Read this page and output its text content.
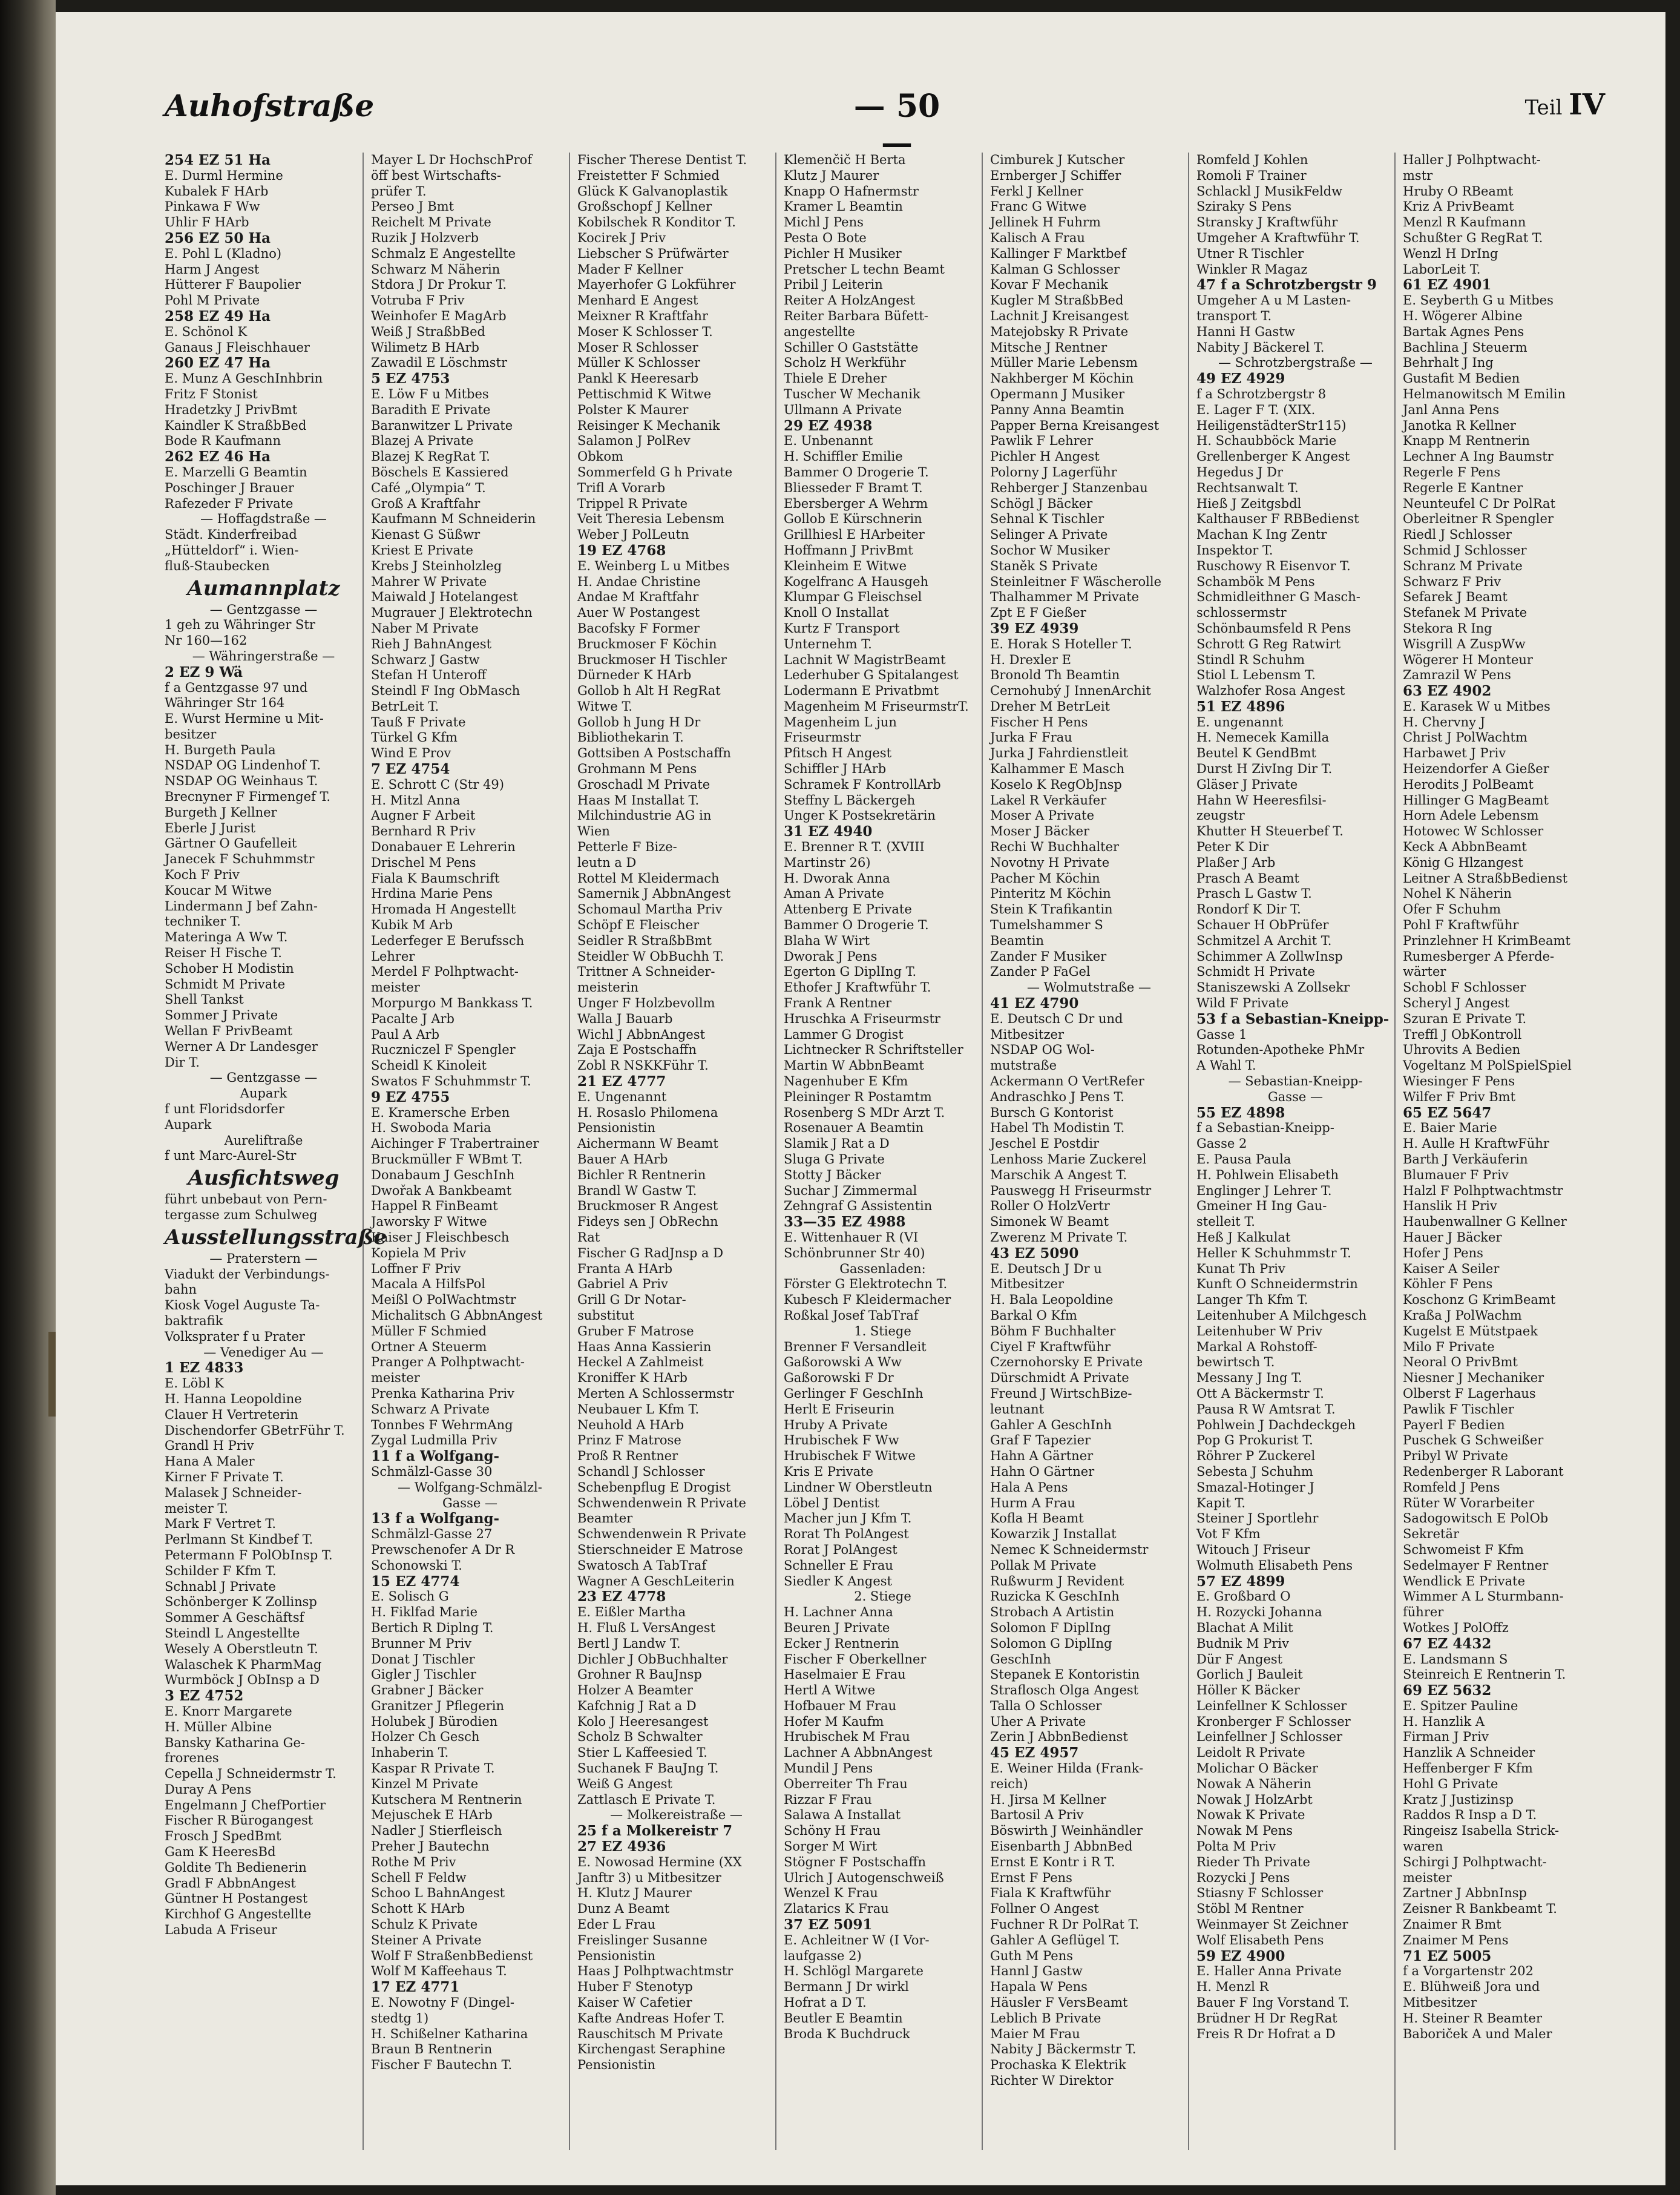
Auhofstraße	— 50 —
Teil IV
254 EZ 51 Ha
E. Durml Hermine
Kubalek F HArb
Pinkawa F Ww
Uhlir F HArb
256 EZ 50 Ha
E. Pohl L (Kladno)
Harm J Angest
Hütterer F Baupolier
Pohl M Private
258 EZ 49 Ha
E. Schönol K
Ganaus J Fleischhauer
260 EZ 47 Ha
E. Munz A GeschInhbrin
Fritz F Stonist
Hradetzky J PrivBmt
Kaindler K StraßbBed
Bode R Kaufmann
262 EZ 46 Ha
E. Marzelli G Beamtin
Poschinger J Brauer
Rafezeder F Private
— Hoffagdstraße —
Städt. Kinderfreibad
„Hütteldorf“ i. Wien-
fluß-Staubecken
Aumannplatz
— Gentzgasse —
1 geh zu Währinger Str
Nr 160—162
— Währingerstraße —
2 EZ 9 Wä
f a Gentzgasse 97 und
Währinger Str 164
E. Wurst Hermine u Mit-
besitzer
H. Burgeth Paula
NSDAP OG Lindenhof T.
NSDAP OG Weinhaus T.
Brecnyner F Firmengef T.
Burgeth J Kellner
Eberle J Jurist
Gärtner O Gaufelleit
Janecek F Schuhmmstr
Koch F Priv
Koucar M Witwe
Lindermann J bef Zahn-
techniker T.
Materinga A Ww T.
Reiser H Fische T.
Schober H Modistin
Schmidt M Private
Shell Tankst
Sommer J Private
Wellan F PrivBeamt
Werner A Dr Landesger
Dir T.
— Gentzgasse —
Aupark
f unt Floridsdorfer
Aupark
Aureliftraße
f unt Marc-Aurel-Str
Ausfichtsweg
führt unbebaut von Pern-
tergasse zum Schulweg
Ausstellungsstraße
— Praterstern —
Viadukt der Verbindungs-
bahn
Kiosk Vogel Auguste Ta-
baktrafik
Volksprater f u Prater
— Venediger Au —
1 EZ 4833
E. Löbl K
H. Hanna Leopoldine
Clauer H Vertreterin
Dischendorfer GBetrFühr T.
Grandl H Priv
Hana A Maler
Kirner F Private T.
Malasek J Schneider-
meister T.
Mark F Vertret T.
Perlmann St Kindbef T.
Petermann F PolObInsp T.
Schilder F Kfm T.
Schnabl J Private
Schönberger K Zollinsp
Sommer A Geschäftsf
Steindl L Angestellte
Wesely A Oberstleutn T.
Walaschek K PharmMag
Wurmböck J ObInsp a D
3 EZ 4752
E. Knorr Margarete
H. Müller Albine
Bansky Katharina Ge-
frorenes
Cepella J Schneidermstr T.
Duray A Pens
Engelmann J ChefPortier
Fischer R Bürogangest
Frosch J SpedBmt
Gam K HeeresBd
Goldite Th Bedienerin
Gradl F AbbnAngest
Güntner H Postangest
Kirchhof G Angestellte
Labuda A Friseur
Mayer L Dr HochschProf
öff best Wirtschafts-
prüfer T.
Perseo J Bmt
Reichelt M Private
Ruzik J Holzverb
Schmalz E Angestellte
Schwarz M Näherin
Stdora J Dr Prokur T.
Votruba F Priv
Weinhofer E MagArb
Weiß J StraßbBed
Wilimetz B HArb
Zawadil E Löschmstr
5 EZ 4753
E. Löw F u Mitbes
Baradith E Private
Baranwitzer L Private
Blazej A Private
Blazej K RegRat T.
Böschels E Kassiered
Café „Olympia“ T.
Groß A Kraftfahr
Kaufmann M Schneiderin
Kienast G Süßwr
Kriest E Private
Krebs J Steinholzleg
Mahrer W Private
Maiwald J Hotelangest
Mugrauer J Elektrotechn
Naber M Private
Rieh J BahnAngest
Schwarz J Gastw
Stefan H Unteroff
Steindl F Ing ObMasch
BetrLeit T.
Tauß F Private
Türkel G Kfm
Wind E Prov
7 EZ 4754
E. Schrott C (Str 49)
H. Mitzl Anna
Augner F Arbeit
Bernhard R Priv
Donabauer E Lehrerin
Drischel M Pens
Fiala K Baumschrift
Hrdina Marie Pens
Hromada H Angestellt
Kubik M Arb
Lederfeger E Berufssch
Lehrer
Merdel F Polhptwacht-
meister
Morpurgo M Bankkass T.
Pacalte J Arb
Paul A Arb
Ruczniczel F Spengler
Scheidl K Kinoleit
Swatos F Schuhmmstr T.
9 EZ 4755
E. Kramersche Erben
H. Swoboda Maria
Aichinger F Trabertrainer
Bruckmüller F WBmt T.
Donabaum J GeschInh
Dwořak A Bankbeamt
Happel R FinBeamt
Jaworsky F Witwe
Kaiser J Fleischbesch
Kopiela M Priv
Loffner F Priv
Macala A HilfsPol
Meißl O PolWachtmstr
Michalitsch G AbbnAngest
Müller F Schmied
Ortner A Steuerm
Pranger A Polhptwacht-
meister
Prenka Katharina Priv
Schwarz A Private
Tonnbes F WehrmAng
Zygal Ludmilla Priv
11 f a Wolfgang-
Schmälzl-Gasse 30
— Wolfgang-Schmälzl-
Gasse —
13 f a Wolfgang-
Schmälzl-Gasse 27
Prewschenofer A Dr R
Schonowski T.
15 EZ 4774
E. Solisch G
H. Fiklfad Marie
Bertich R Diplng T.
Brunner M Priv
Donat J Tischler
Gigler J Tischler
Grabner J Bäcker
Granitzer J Pflegerin
Holubek J Bürodien
Holzer Ch Gesch
Inhaberin T.
Kaspar R Private T.
Kinzel M Private
Kutschera M Rentnerin
Mejuschek E HArb
Nadler J Stierfleisch
Preher J Bautechn
Rothe M Priv
Schell F Feldw
Schoo L BahnAngest
Schott K HArb
Schulz K Private
Steiner A Private
Wolf F StraßenbBedienst
Wolf M Kaffeehaus T.
17 EZ 4771
E. Nowotny F (Dingel-
stedtg 1)
H. Schißelner Katharina
Braun B Rentnerin
Fischer F Bautechn T.
Fischer Therese Dentist T.
Freistetter F Schmied
Glück K Galvanoplastik
Großschopf J Kellner
Kobilschek R Konditor T.
Kocirek J Priv
Liebscher S Prüfwärter
Mader F Kellner
Mayerhofer G Lokführer
Menhard E Angest
Meixner R Kraftfahr
Moser K Schlosser T.
Moser R Schlosser
Müller K Schlosser
Pankl K Heeresarb
Pettischmid K Witwe
Polster K Maurer
Reisinger K Mechanik
Salamon J PolRev
Obkom
Sommerfeld G h Private
Trifl A Vorarb
Trippel R Private
Veit Theresia Lebensm
Weber J PolLeutn
19 EZ 4768
E. Weinberg L u Mitbes
H. Andae Christine
Andae M Kraftfahr
Auer W Postangest
Bacofsky F Former
Bruckmoser F Köchin
Bruckmoser H Tischler
Dürneder K HArb
Gollob h Alt H RegRat
Witwe T.
Gollob h Jung H Dr
Bibliothekarin T.
Gottsiben A Postschaffn
Grohmann M Pens
Groschadl M Private
Haas M Installat T.
Milchindustrie AG in
Wien
Petterle F Bize-
leutn a D
Rottel M Kleidermach
Samernik J AbbnAngest
Schomaul Martha Priv
Schöpf E Fleischer
Seidler R StraßbBmt
Steidler W ObBuchh T.
Trittner A Schneider-
meisterin
Unger F Holzbevollm
Walla J Bauarb
Wichl J AbbnAngest
Zaja E Postschaffn
Zobl R NSKKFühr T.
21 EZ 4777
E. Ungenannt
H. Rosaslo Philomena
Pensionistin
Aichermann W Beamt
Bauer A HArb
Bichler R Rentnerin
Brandl W Gastw T.
Bruckmoser R Angest
Fideys sen J ObRechn
Rat
Fischer G RadJnsp a D
Franta A HArb
Gabriel A Priv
Grill G Dr Notar-
substitut
Gruber F Matrose
Haas Anna Kassierin
Heckel A Zahlmeist
Kroniffer K HArb
Merten A Schlossermstr
Neubauer L Kfm T.
Neuhold A HArb
Prinz F Matrose
Proß R Rentner
Schandl J Schlosser
Schebenpflug E Drogist
Schwendenwein R Private
Beamter
Schwendenwein R Private
Stierschneider E Matrose
Swatosch A TabTraf
Wagner A GeschLeiterin
23 EZ 4778
E. Eißler Martha
H. Fluß L VersAngest
Bertl J Landw T.
Dichler J ObBuchhalter
Grohner R BauJnsp
Holzer A Beamter
Kafchnig J Rat a D
Kolo J Heeresangest
Scholz B Schwalter
Stier L Kaffeesied T.
Suchanek F BauJng T.
Weiß G Angest
Zattlasch E Private T.
— Molkereistraße —
25 f a Molkereistr 7
27 EZ 4936
E. Nowosad Hermine (XX
Janftr 3) u Mitbesitzer
H. Klutz J Maurer
Dunz A Beamt
Eder L Frau
Freislinger Susanne
Pensionistin
Haas J Polhptwachtmstr
Huber F Stenotyp
Kaiser W Cafetier
Kafte Andreas Hofer T.
Rauschitsch M Private
Kirchengast Seraphine
Pensionistin
Klemenčič H Berta
Klutz J Maurer
Knapp O Hafnermstr
Kramer L Beamtin
Michl J Pens
Pesta O Bote
Pichler H Musiker
Pretscher L techn Beamt
Pribil J Leiterin
Reiter A HolzAngest
Reiter Barbara Büfett-
angestellte
Schiller O Gaststätte
Scholz H Werkführ
Thiele E Dreher
Tuscher W Mechanik
Ullmann A Private
29 EZ 4938
E. Unbenannt
H. Schiffler Emilie
Bammer O Drogerie T.
Bliesseder F Bramt T.
Ebersberger A Wehrm
Gollob E Kürschnerin
Grillhiesl E HArbeiter
Hoffmann J PrivBmt
Kleinheim E Witwe
Kogelfranc A Hausgeh
Klumpar G Fleischsel
Knoll O Installat
Kurtz F Transport
Unternehm T.
Lachnit W MagistrBeamt
Lederhuber G Spitalangest
Lodermann E Privatbmt
Magenheim M FriseurmstrT.
Magenheim L jun
Friseurmstr
Pfitsch H Angest
Schiffler J HArb
Schramek F KontrollArb
Steffny L Bäckergeh
Unger K Postsekretärin
31 EZ 4940
E. Brenner R T. (XVIII
Martinstr 26)
H. Dworak Anna
Aman A Private
Attenberg E Private
Bammer O Drogerie T.
Blaha W Wirt
Dworak J Pens
Egerton G DiplIng T.
Ethofer J Kraftwführ T.
Frank A Rentner
Hruschka A Friseurmstr
Lammer G Drogist
Lichtnecker R Schriftsteller
Martin W AbbnBeamt
Nagenhuber E Kfm
Pleininger R Postamtm
Rosenberg S MDr Arzt T.
Rosenauer A Beamtin
Slamik J Rat a D
Sluga G Private
Stotty J Bäcker
Suchar J Zimmermal
Zehngraf G Assistentin
33—35 EZ 4988
E. Wittenhauer R (VI
Schönbrunner Str 40)
Gassenladen:
Förster G Elektrotechn T.
Kubesch F Kleidermacher
Roßkal Josef TabTraf
1. Stiege
Brenner F Versandleit
Gaßorowski A Ww
Gaßorowski F Dr
Gerlinger F GeschInh
Herlt E Friseurin
Hruby A Private
Hrubischek F Ww
Hrubischek F Witwe
Kris E Private
Lindner W Oberstleutn
Löbel J Dentist
Macher jun J Kfm T.
Rorat Th PolAngest
Rorat J PolAngest
Schneller E Frau
Siedler K Angest
2. Stiege
H. Lachner Anna
Beuren J Private
Ecker J Rentnerin
Fischer F Oberkellner
Haselmaier E Frau
Hertl A Witwe
Hofbauer M Frau
Hofer M Kaufm
Hrubischek M Frau
Lachner A AbbnAngest
Mundil J Pens
Oberreiter Th Frau
Rizzar F Frau
Salawa A Installat
Schöny H Frau
Sorger M Wirt
Stögner F Postschaffn
Ulrich J Autogenschweiß
Wenzel K Frau
Zlatarics K Frau
37 EZ 5091
E. Achleitner W (I Vor-
laufgasse 2)
H. Schlögl Margarete
Bermann J Dr wirkl
Hofrat a D T.
Beutler E Beamtin
Broda K Buchdruck
Cimburek J Kutscher
Ernberger J Schiffer
Ferkl J Kellner
Franc G Witwe
Jellinek H Fuhrm
Kalisch A Frau
Kallinger F Marktbef
Kalman G Schlosser
Kovar F Mechanik
Kugler M StraßbBed
Lachnit J Kreisangest
Matejobsky R Private
Mitsche J Rentner
Müller Marie Lebensm
Nakhberger M Köchin
Opermann J Musiker
Panny Anna Beamtin
Papper Berna Kreisangest
Pawlik F Lehrer
Pichler H Angest
Polorny J Lagerführ
Rehberger J Stanzenbau
Schögl J Bäcker
Sehnal K Tischler
Selinger A Private
Sochor W Musiker
Staněk S Private
Steinleitner F Wäscherolle
Thalhammer M Private
Zpt E F Gießer
39 EZ 4939
E. Horak S Hoteller T.
H. Drexler E
Bronold Th Beamtin
Cernohubý J InnenArchit
Dreher M BetrLeit
Fischer H Pens
Jurka F Frau
Jurka J Fahrdienstleit
Kalhammer E Masch
Koselo K RegObJnsp
Lakel R Verkäufer
Moser A Private
Moser J Bäcker
Rechi W Buchhalter
Novotny H Private
Pacher M Köchin
Pinteritz M Köchin
Stein K Trafikantin
Tumelshammer S
Beamtin
Zander F Musiker
Zander P FaGel
— Wolmutstraße —
41 EZ 4790
E. Deutsch C Dr und
Mitbesitzer
NSDAP OG Wol-
mutstraße
Ackermann O VertRefer
Andraschko J Pens T.
Bursch G Kontorist
Habel Th Modistin T.
Jeschel E Postdir
Lenhoss Marie Zuckerel
Marschik A Angest T.
Pauswegg H Friseurmstr
Roller O HolzVertr
Simonek W Beamt
Zwerenz M Private T.
43 EZ 5090
E. Deutsch J Dr u
Mitbesitzer
H. Bala Leopoldine
Barkal O Kfm
Böhm F Buchhalter
Ciyel F Kraftwführ
Czernohorsky E Private
Dürschmidt A Private
Freund J WirtschBize-
leutnant
Gahler A GeschInh
Graf F Tapezier
Hahn A Gärtner
Hahn O Gärtner
Hala A Pens
Hurm A Frau
Kofla H Beamt
Kowarzik J Installat
Nemec K Schneidermstr
Pollak M Private
Rußwurm J Revident
Ruzicka K GeschInh
Strobach A Artistin
Solomon F DiplIng
Solomon G DiplIng
GeschInh
Stepanek E Kontoristin
Straflosch Olga Angest
Talla O Schlosser
Uher A Private
Zerin J AbbnBedienst
45 EZ 4957
E. Weiner Hilda (Frank-
reich)
H. Jirsa M Kellner
Bartosil A Priv
Böswirth J Weinhändler
Eisenbarth J AbbnBed
Ernst E Kontr i R T.
Ernst F Pens
Fiala K Kraftwführ
Follner O Angest
Fuchner R Dr PolRat T.
Gahler A Geflügel T.
Guth M Pens
Hannl J Gastw
Hapala W Pens
Häusler F VersBeamt
Leblich B Private
Maier M Frau
Nabity J Bäckermstr T.
Prochaska K Elektrik
Richter W Direktor
Romfeld J Kohlen
Romoli F Trainer
Schlackl J MusikFeldw
Sziraky S Pens
Stransky J Kraftwführ
Umgeher A Kraftwführ T.
Utner R Tischler
Winkler R Magaz
47 f a Schrotzbergstr 9
Umgeher A u M Lasten-
transport T.
Hanni H Gastw
Nabity J Bäckerel T.
— Schrotzbergstraße —
49 EZ 4929
f a Schrotzbergstr 8
E. Lager F T. (XIX.
HeiligenstädterStr115)
H. Schaubböck Marie
Grellenberger K Angest
Hegedus J Dr
Rechtsanwalt T.
Hieß J Zeitgsbdl
Kalthauser F RBBedienst
Machan K Ing Zentr
Inspektor T.
Ruschowy R Eisenvor T.
Schambök M Pens
Schmidleithner G Masch-
schlossermstr
Schönbaumsfeld R Pens
Schrott G Reg Ratwirt
Stindl R Schuhm
Stiol L Lebensm T.
Walzhofer Rosa Angest
51 EZ 4896
E. ungenannt
H. Nemecek Kamilla
Beutel K GendBmt
Durst H ZivIng Dir T.
Gläser J Private
Hahn W Heeresfilsi-
zeugstr
Khutter H Steuerbef T.
Peter K Dir
Plaßer J Arb
Prasch A Beamt
Prasch L Gastw T.
Rondorf K Dir T.
Schauer H ObPrüfer
Schmitzel A Archit T.
Schimmer A ZollwInsp
Schmidt H Private
Staniszewski A Zollsekr
Wild F Private
53 f a Sebastian-Kneipp-
Gasse 1
Rotunden-Apotheke PhMr
A Wahl T.
— Sebastian-Kneipp-
Gasse —
55 EZ 4898
f a Sebastian-Kneipp-
Gasse 2
E. Pausa Paula
H. Pohlwein Elisabeth
Englinger J Lehrer T.
Gmeiner H Ing Gau-
stelleit T.
Heß J Kalkulat
Heller K Schuhmmstr T.
Kunat Th Priv
Kunft O Schneidermstrin
Langer Th Kfm T.
Leitenhuber A Milchgesch
Leitenhuber W Priv
Markal A Rohstoff-
bewirtsch T.
Messany J Ing T.
Ott A Bäckermstr T.
Pausa R W Amtsrat T.
Pohlwein J Dachdeckgeh
Pop G Prokurist T.
Röhrer P Zuckerel
Sebesta J Schuhm
Smazal-Hotinger J
Kapit T.
Steiner J Sportlehr
Vot F Kfm
Witouch J Friseur
Wolmuth Elisabeth Pens
57 EZ 4899
E. Großbard O
H. Rozycki Johanna
Blachat A Milit
Budnik M Priv
Dür F Angest
Gorlich J Bauleit
Höller K Bäcker
Leinfellner K Schlosser
Kronberger F Schlosser
Leinfellner J Schlosser
Leidolt R Private
Molichar O Bäcker
Nowak A Näherin
Nowak J HolzArbt
Nowak K Private
Nowak M Pens
Polta M Priv
Rieder Th Private
Rozycki J Pens
Stiasny F Schlosser
Stöbl M Rentner
Weinmayer St Zeichner
Wolf Elisabeth Pens
59 EZ 4900
E. Haller Anna Private
H. Menzl R
Bauer F Ing Vorstand T.
Brüdner H Dr RegRat
Freis R Dr Hofrat a D
Haller J Polhptwacht-
mstr
Hruby O RBeamt
Kriz A PrivBeamt
Menzl R Kaufmann
Schußter G RegRat T.
Wenzl H DrIng
LaborLeit T.
61 EZ 4901
E. Seyberth G u Mitbes
H. Wögerer Albine
Bartak Agnes Pens
Bachlina J Steuerm
Behrhalt J Ing
Gustafit M Bedien
Helmanowitsch M Emilin
Janl Anna Pens
Janotka R Kellner
Knapp M Rentnerin
Lechner A Ing Baumstr
Regerle F Pens
Regerle E Kantner
Neunteufel C Dr PolRat
Oberleitner R Spengler
Riedl J Schlosser
Schmid J Schlosser
Schranz M Private
Schwarz F Priv
Sefarek J Beamt
Stefanek M Private
Stekora R Ing
Wisgrill A ZuspWw
Wögerer H Monteur
Zamrazil W Pens
63 EZ 4902
E. Karasek W u Mitbes
H. Chervny J
Christ J PolWachtm
Harbawet J Priv
Heizendorfer A Gießer
Herodits J PolBeamt
Hillinger G MagBeamt
Horn Adele Lebensm
Hotowec W Schlosser
Keck A AbbnBeamt
König G Hlzangest
Leitner A StraßbBedienst
Nohel K Näherin
Ofer F Schuhm
Pohl F Kraftwführ
Prinzlehner H KrimBeamt
Rumesberger A Pferde-
wärter
Schobl F Schlosser
Scheryl J Angest
Szuran E Private T.
Treffl J ObKontroll
Uhrovits A Bedien
Vogeltanz M PolSpielSpiel
Wiesinger F Pens
Wilfer F Priv Bmt
65 EZ 5647
E. Baier Marie
H. Aulle H KraftwFühr
Barth J Verkäuferin
Blumauer F Priv
Halzl F Polhptwachtmstr
Hanslik H Priv
Haubenwallner G Kellner
Hauer J Bäcker
Hofer J Pens
Kaiser A Seiler
Köhler F Pens
Koschonz G KrimBeamt
Kraßa J PolWachm
Kugelst E Mütstpaek
Milo F Private
Neoral O PrivBmt
Niesner J Mechaniker
Olberst F Lagerhaus
Pawlik F Tischler
Payerl F Bedien
Puschek G Schweißer
Pribyl W Private
Redenberger R Laborant
Romfeld J Pens
Rüter W Vorarbeiter
Sadogowitsch E PolOb
Sekretär
Schwomeist F Kfm
Sedelmayer F Rentner
Wendlick E Private
Wimmer A L Sturmbann-
führer
Wotkes J PolOffz
67 EZ 4432
E. Landsmann S
Steinreich E Rentnerin T.
69 EZ 5632
E. Spitzer Pauline
H. Hanzlik A
Firman J Priv
Hanzlik A Schneider
Heffenberger F Kfm
Hohl G Private
Kratz J Justizinsp
Raddos R Insp a D T.
Ringeisz Isabella Strick-
waren
Schirgi J Polhptwacht-
meister
Zartner J AbbnInsp
Zeisner R Bankbeamt T.
Znaimer R Bmt
Znaimer M Pens
71 EZ 5005
f a Vorgartenstr 202
E. Blühweiß Jora und
Mitbesitzer
H. Steiner R Beamter
Baboriček A und Maler
